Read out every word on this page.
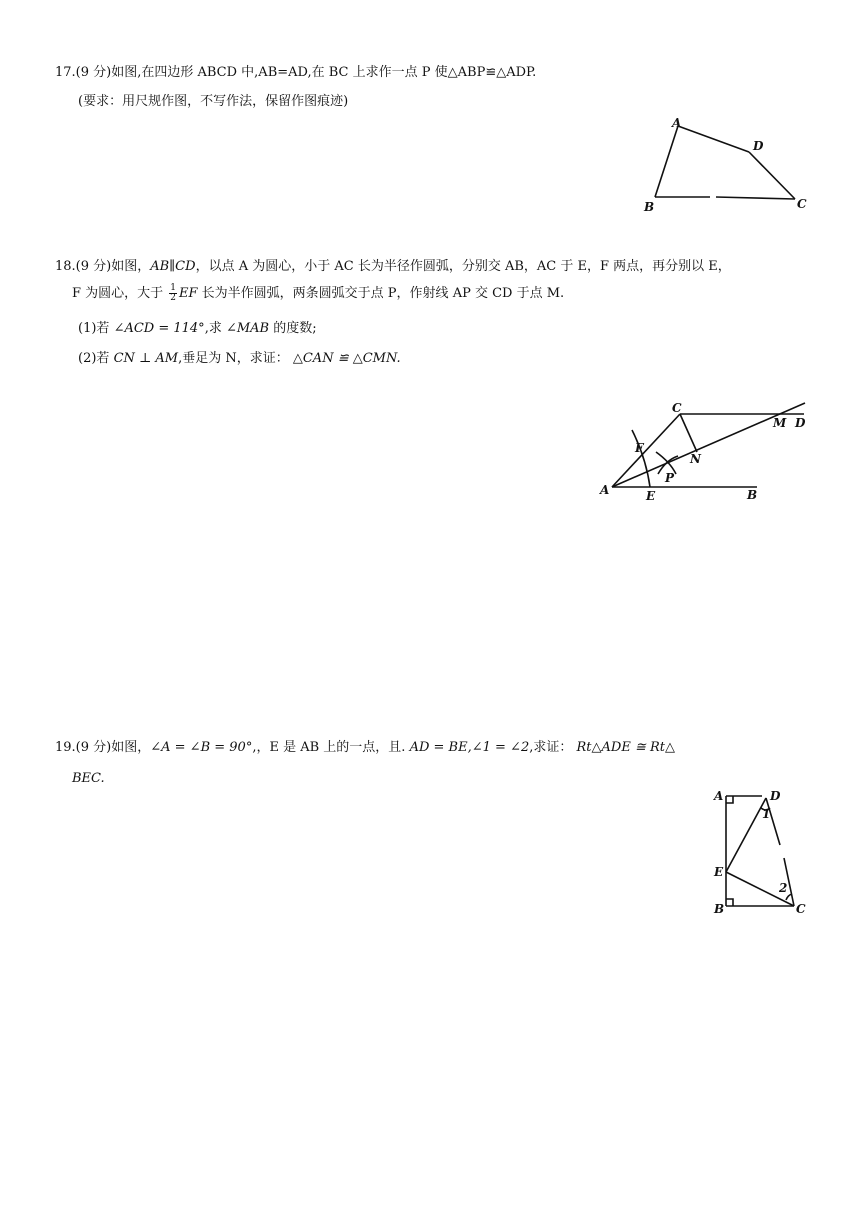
17.(9 分)如图,在四边形 ABCD 中,AB=AD,在 BC 上求作一点 P 使△ABP≌△ADP.
(要求：用尺规作图，不写作法，保留作图痕迹)
A
D
B	C
18.(9 分)如图，AB∥CD，以点 A 为圆心，小于 AC 长为半径作圆弧，分别交 AB，AC 于 E，F 两点，再分别以 E，
F 为圆心，大于 $\frac{1}{2}$ EF 长为半作圆弧，两条圆弧交于点 P，作射线 AP 交 CD 于点 M.
(1)若 ∠ACD = 114°,求 ∠MAB 的度数;
(2)若 CN ⊥ AM,垂足为 N，求证： △CAN ≌ △CMN.
F
C
M D
N
P
A	E	B
19.(9 分)如图，∠A = ∠B = 90°,，E 是 AB 上的一点，且. AD = BE,∠1 = ∠2,求证： Rt△ADE ≅ Rt△
BEC.
A	D
1
E
2
B	C
